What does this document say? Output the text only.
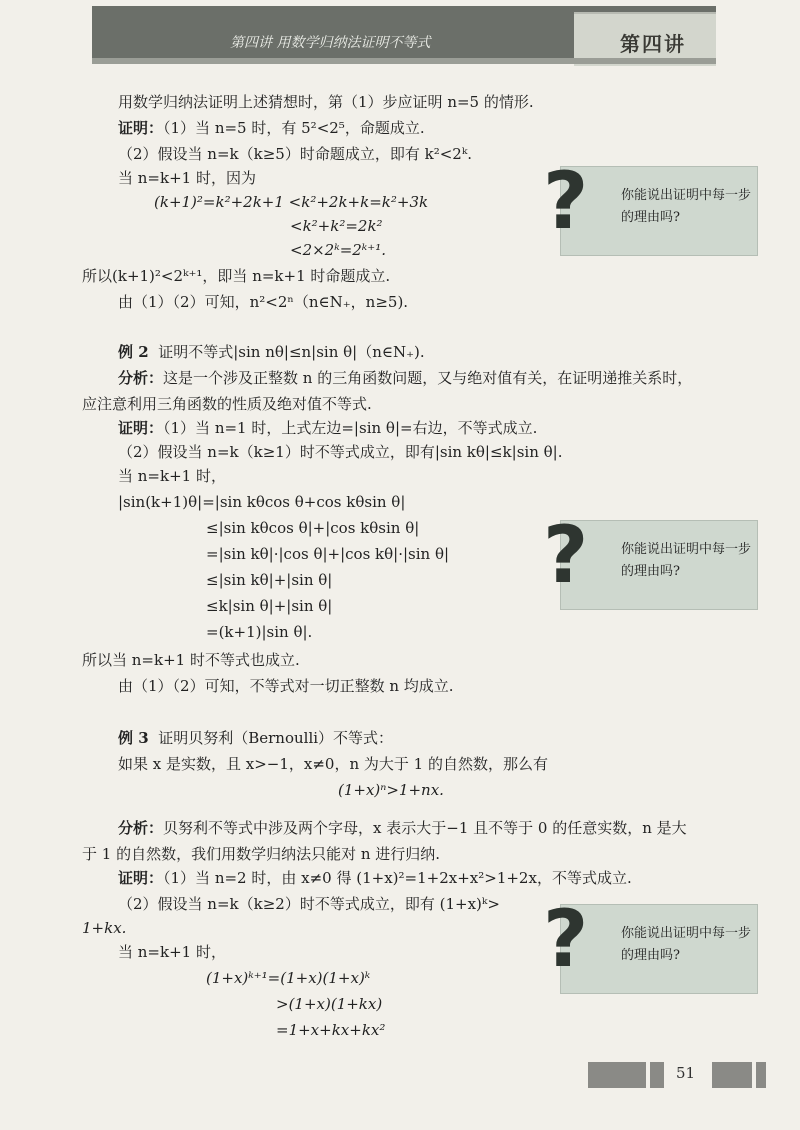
第四讲 用数学归纳法证明不等式	第四讲
用数学归纳法证明上述猜想时，第（1）步应证明 n=5 的情形.
证明：（1）当 n=5 时，有 5²<2⁵，命题成立.
（2）假设当 n=k（k≥5）时命题成立，即有 k²<2ᵏ.
当 n=k+1 时，因为
(k+1)²=k²+2k+1 <k²+2k+k=k²+3k
<k²+k²=2k²
<2×2ᵏ=2ᵏ⁺¹.
所以(k+1)²<2ᵏ⁺¹，即当 n=k+1 时命题成立.
由（1）（2）可知，n²<2ⁿ（n∈N₊，n≥5).
?	你能说出证明中每一步的理由吗?
例 2 证明不等式|sin nθ|≤n|sin θ|（n∈N₊).
分析：这是一个涉及正整数 n 的三角函数问题，又与绝对值有关，在证明递推关系时，
应注意利用三角函数的性质及绝对值不等式.
证明：（1）当 n=1 时，上式左边=|sin θ|=右边，不等式成立.
（2）假设当 n=k（k≥1）时不等式成立，即有|sin kθ|≤k|sin θ|.
当 n=k+1 时，
|sin(k+1)θ|=|sin kθcos θ+cos kθsin θ|
≤|sin kθcos θ|+|cos kθsin θ|
=|sin kθ|·|cos θ|+|cos kθ|·|sin θ|
≤|sin kθ|+|sin θ|
≤k|sin θ|+|sin θ|
=(k+1)|sin θ|.
所以当 n=k+1 时不等式也成立.
由（1）（2）可知，不等式对一切正整数 n 均成立.
?	你能说出证明中每一步的理由吗?
例 3 证明贝努利（Bernoulli）不等式：
如果 x 是实数，且 x>−1，x≠0，n 为大于 1 的自然数，那么有
(1+x)ⁿ>1+nx.
分析：贝努利不等式中涉及两个字母，x 表示大于−1 且不等于 0 的任意实数，n 是大
于 1 的自然数，我们用数学归纳法只能对 n 进行归纳.
证明：（1）当 n=2 时，由 x≠0 得 (1+x)²=1+2x+x²>1+2x，不等式成立.
（2）假设当 n=k（k≥2）时不等式成立，即有 (1+x)ᵏ>
1+kx.
当 n=k+1 时，
(1+x)ᵏ⁺¹=(1+x)(1+x)ᵏ
>(1+x)(1+kx)
=1+x+kx+kx²
?	你能说出证明中每一步的理由吗?
51
